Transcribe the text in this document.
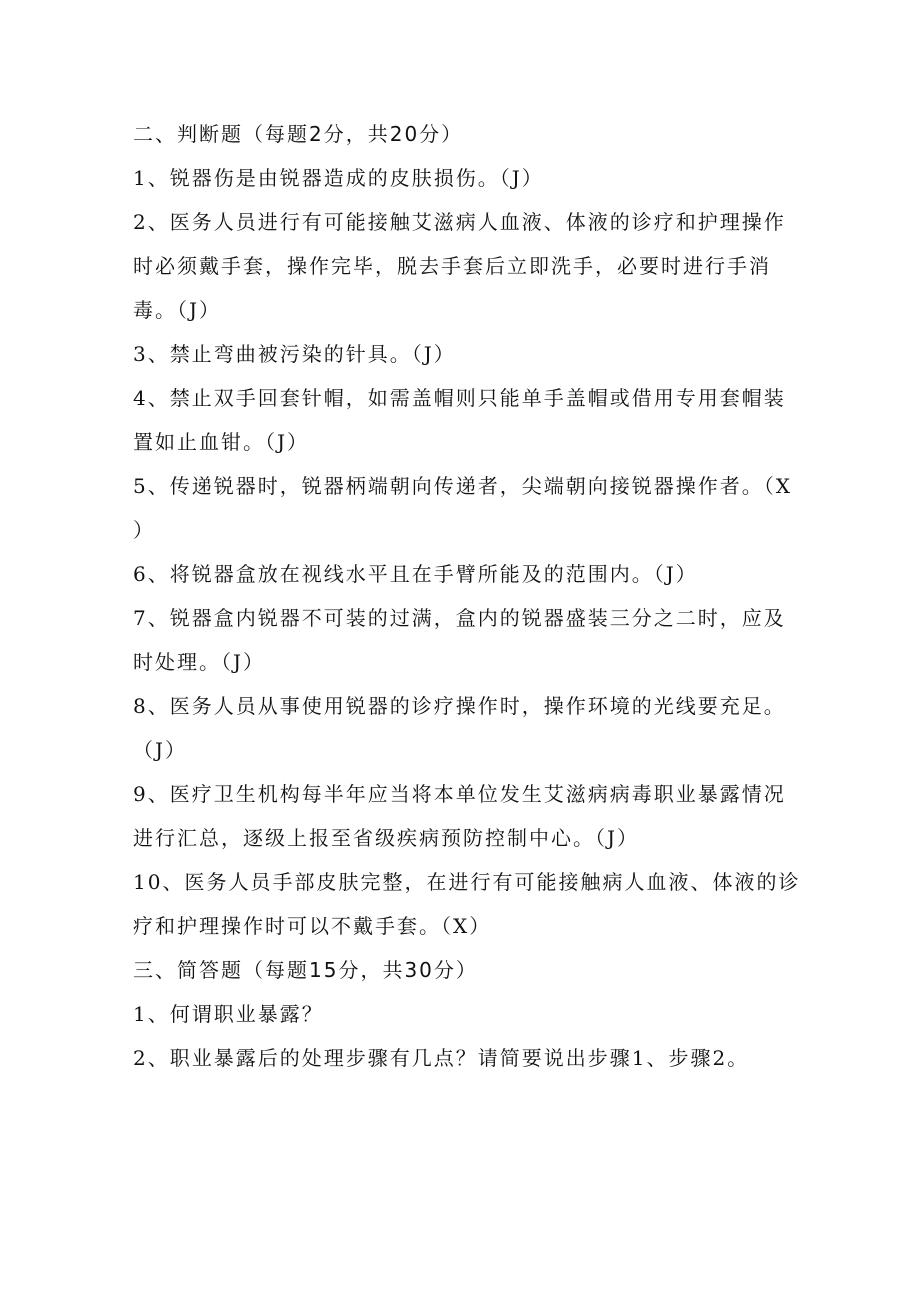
二、判断题（每题2分，共20分）
1、锐器伤是由锐器造成的皮肤损伤。（J）
2、医务人员进行有可能接触艾滋病人血液、体液的诊疗和护理操作
时必须戴手套，操作完毕，脱去手套后立即洗手，必要时进行手消
毒。（J）
3、禁止弯曲被污染的针具。（J）
4、禁止双手回套针帽，如需盖帽则只能单手盖帽或借用专用套帽装
置如止血钳。（J）
5、传递锐器时，锐器柄端朝向传递者，尖端朝向接锐器操作者。（X
）
6、将锐器盒放在视线水平且在手臂所能及的范围内。（J）
7、锐器盒内锐器不可装的过满，盒内的锐器盛装三分之二时，应及
时处理。（J）
8、医务人员从事使用锐器的诊疗操作时，操作环境的光线要充足。
（J）
9、医疗卫生机构每半年应当将本单位发生艾滋病病毒职业暴露情况
进行汇总，逐级上报至省级疾病预防控制中心。（J）
10、医务人员手部皮肤完整，在进行有可能接触病人血液、体液的诊
疗和护理操作时可以不戴手套。（X）
三、简答题（每题15分，共30分）
1、何谓职业暴露？
2、职业暴露后的处理步骤有几点？请简要说出步骤1、步骤2。
